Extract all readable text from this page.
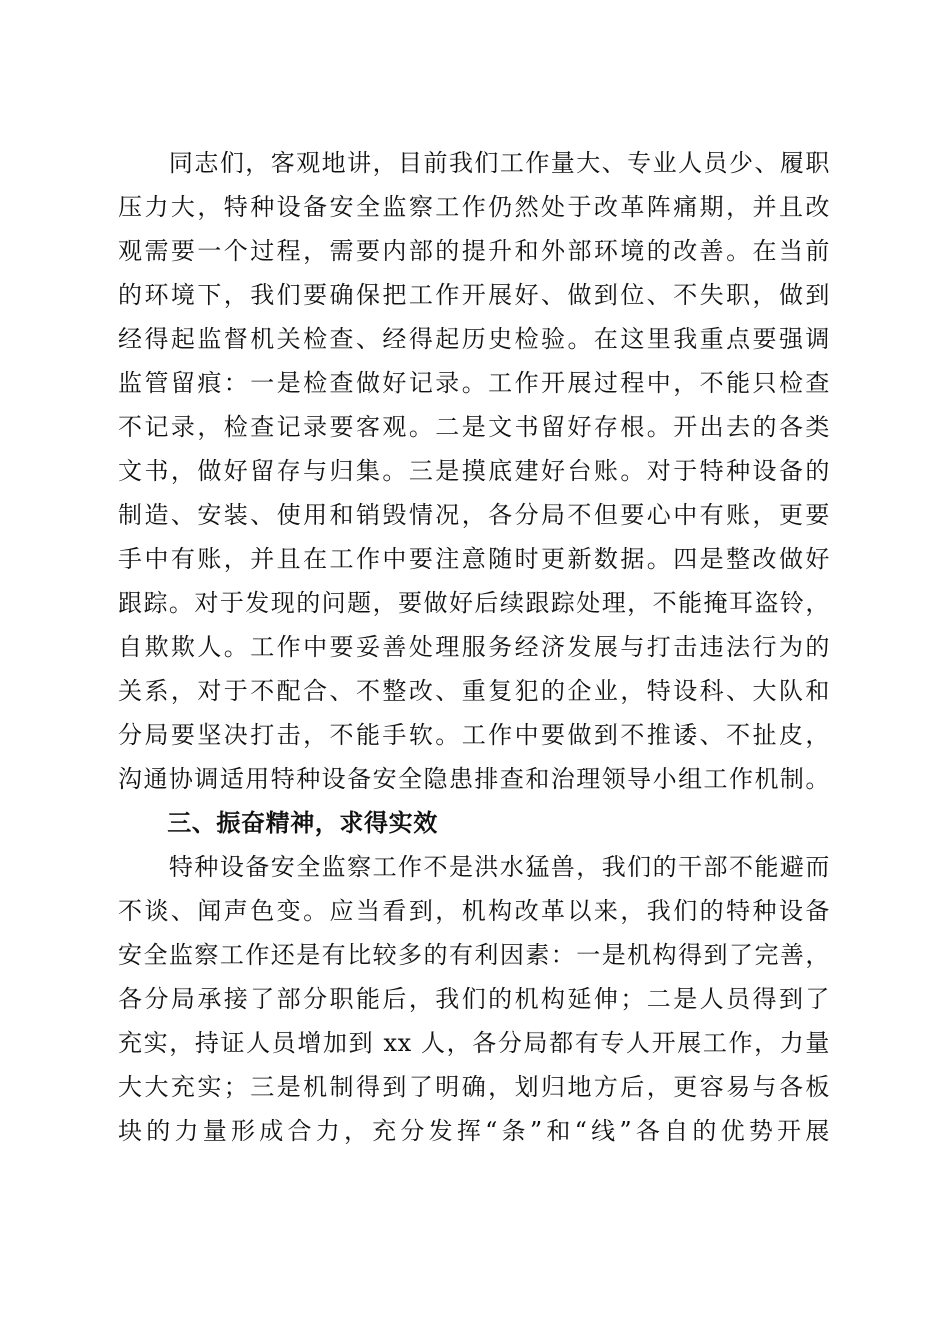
　　同志们，客观地讲，目前我们工作量大、专业人员少、履职
压力大，特种设备安全监察工作仍然处于改革阵痛期，并且改
观需要一个过程，需要内部的提升和外部环境的改善。在当前
的环境下，我们要确保把工作开展好、做到位、不失职，做到
经得起监督机关检查、经得起历史检验。在这里我重点要强调
监管留痕：一是检查做好记录。工作开展过程中，不能只检查
不记录，检查记录要客观。二是文书留好存根。开出去的各类
文书，做好留存与归集。三是摸底建好台账。对于特种设备的
制造、安装、使用和销毁情况，各分局不但要心中有账，更要
手中有账，并且在工作中要注意随时更新数据。四是整改做好
跟踪。对于发现的问题，要做好后续跟踪处理，不能掩耳盗铃，
自欺欺人。工作中要妥善处理服务经济发展与打击违法行为的
关系，对于不配合、不整改、重复犯的企业，特设科、大队和
分局要坚决打击，不能手软。工作中要做到不推诿、不扯皮，
沟通协调适用特种设备安全隐患排查和治理领导小组工作机制。
　　三、振奋精神，求得实效
　　特种设备安全监察工作不是洪水猛兽，我们的干部不能避而
不谈、闻声色变。应当看到，机构改革以来，我们的特种设备
安全监察工作还是有比较多的有利因素：一是机构得到了完善，
各分局承接了部分职能后，我们的机构延伸；二是人员得到了
充实，持证人员增加到 xx 人，各分局都有专人开展工作，力量
大大充实；三是机制得到了明确，划归地方后，更容易与各板
块的力量形成合力，充分发挥“条”和“线”各自的优势开展
